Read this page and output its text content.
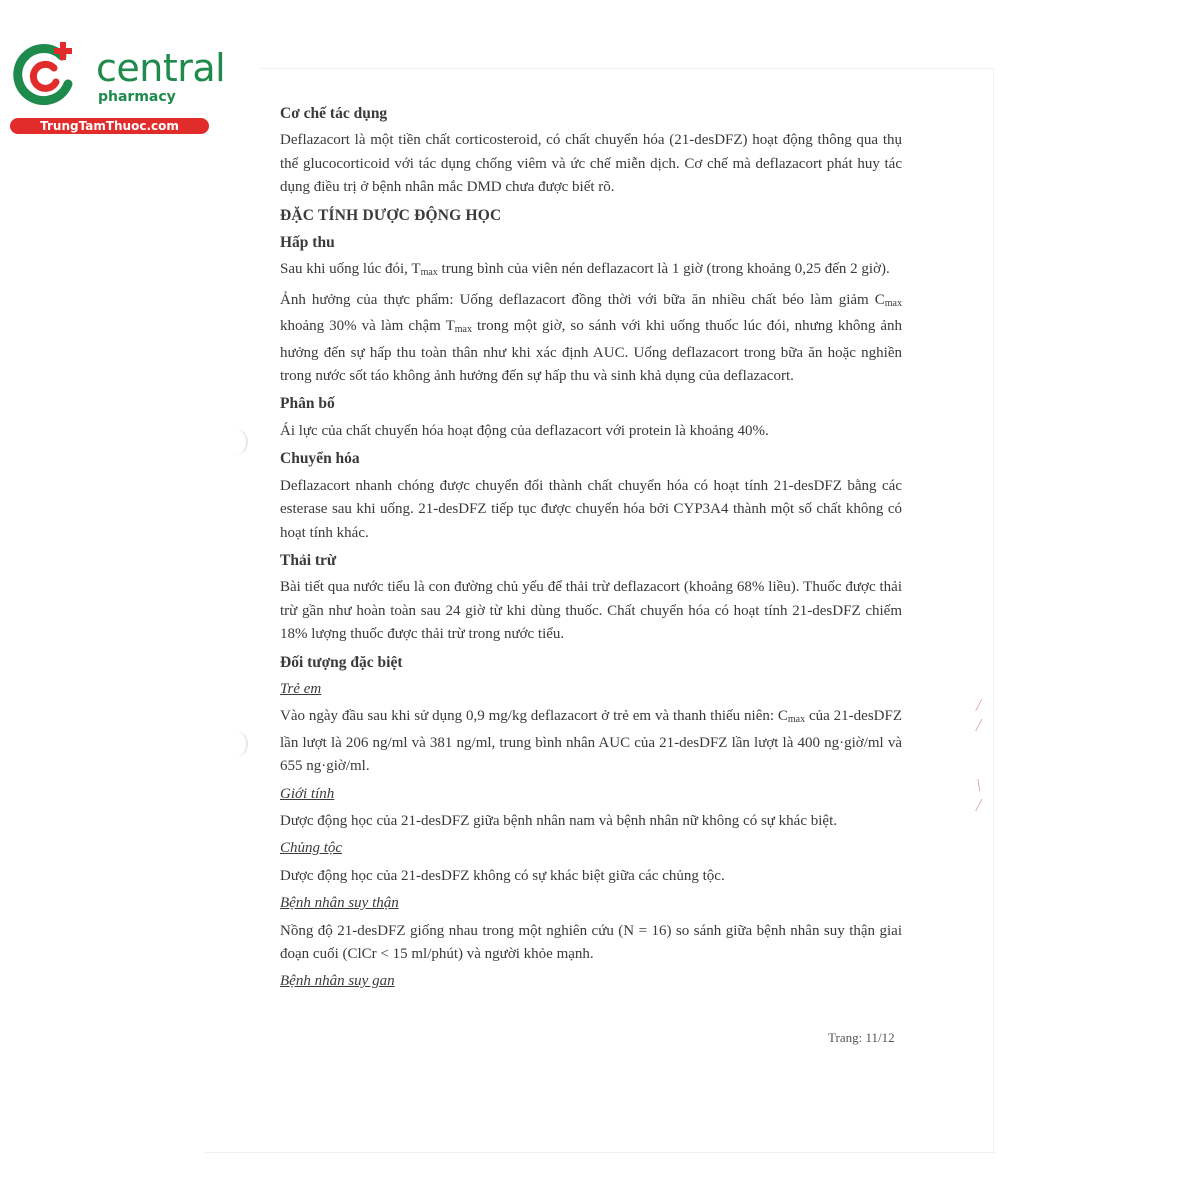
/
/
\
/
central
pharmacy
TrungTamThuoc.com
Cơ chế tác dụng

Deflazacort là một tiền chất corticosteroid, có chất chuyển hóa (21-desDFZ) hoạt động thông qua thụ thể glucocorticoid với tác dụng chống viêm và ức chế miễn dịch. Cơ chế mà deflazacort phát huy tác dụng điều trị ở bệnh nhân mắc DMD chưa được biết rõ.

ĐẶC TÍNH DƯỢC ĐỘNG HỌC
Hấp thu

Sau khi uống lúc đói, $T_{max}$ trung bình của viên nén deflazacort là 1 giờ (trong khoảng 0,25 đến 2 giờ).

Ảnh hưởng của thực phẩm: Uống deflazacort đồng thời với bữa ăn nhiều chất béo làm giảm $C_{max}$ khoảng 30% và làm chậm $T_{max}$ trong một giờ, so sánh với khi uống thuốc lúc đói, nhưng không ảnh hưởng đến sự hấp thu toàn thân như khi xác định AUC. Uống deflazacort trong bữa ăn hoặc nghiền trong nước sốt táo không ảnh hưởng đến sự hấp thu và sinh khả dụng của deflazacort.

Phân bố

Ái lực của chất chuyển hóa hoạt động của deflazacort với protein là khoảng 40%.

Chuyển hóa

Deflazacort nhanh chóng được chuyển đổi thành chất chuyển hóa có hoạt tính 21-desDFZ bằng các esterase sau khi uống. 21-desDFZ tiếp tục được chuyển hóa bởi CYP3A4 thành một số chất không có hoạt tính khác.

Thải trừ

Bài tiết qua nước tiểu là con đường chủ yếu để thải trừ deflazacort (khoảng 68% liều). Thuốc được thải trừ gần như hoàn toàn sau 24 giờ từ khi dùng thuốc. Chất chuyển hóa có hoạt tính 21-desDFZ chiếm 18% lượng thuốc được thải trừ trong nước tiểu.

Đối tượng đặc biệt
Trẻ em

Vào ngày đầu sau khi sử dụng 0,9 mg/kg deflazacort ở trẻ em và thanh thiếu niên: $C_{max}$ của 21-desDFZ lần lượt là 206 ng/ml và 381 ng/ml, trung bình nhân AUC của 21-desDFZ lần lượt là 400 ng·giờ/ml và 655 ng·giờ/ml.

Giới tính

Dược động học của 21-desDFZ giữa bệnh nhân nam và bệnh nhân nữ không có sự khác biệt.

Chủng tộc

Dược động học của 21-desDFZ không có sự khác biệt giữa các chủng tộc.

Bệnh nhân suy thận

Nồng độ 21-desDFZ giống nhau trong một nghiên cứu (N = 16) so sánh giữa bệnh nhân suy thận giai đoạn cuối (ClCr < 15 ml/phút) và người khỏe mạnh.

Bệnh nhân suy gan
Trang: 11/12
